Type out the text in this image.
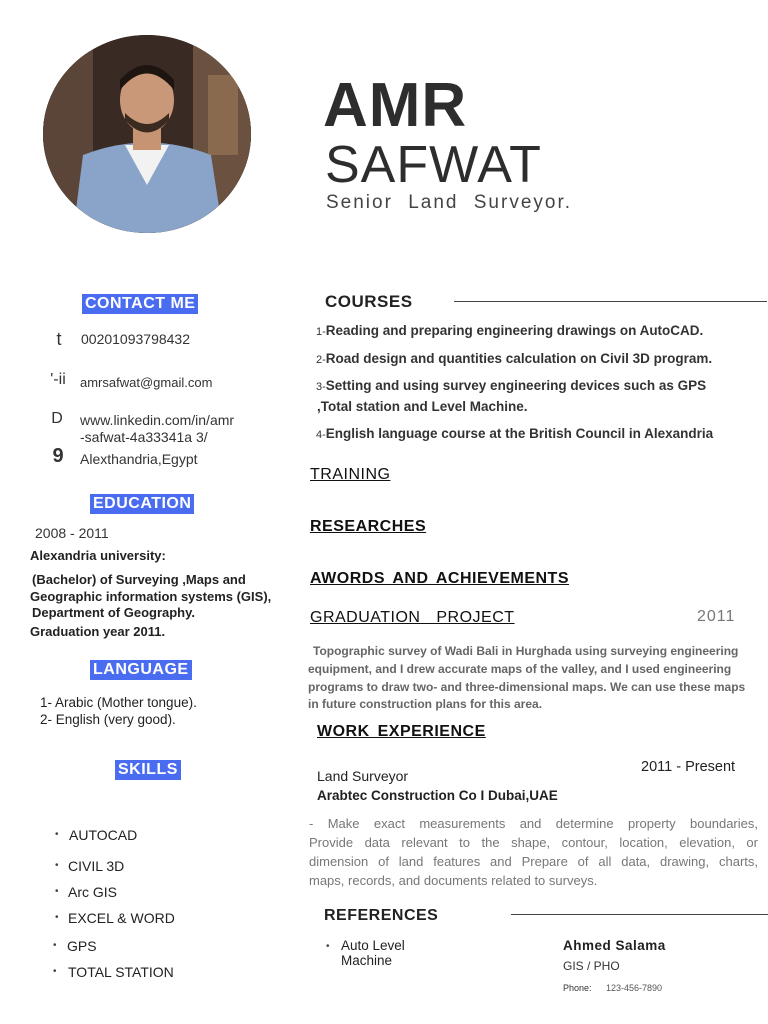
AMR
SAFWAT
Senior Land Surveyor.
CONTACT ME
t	00201093798432
'-ii amrsafwat@gmail.com
D	www.linkedin.com/in/amr
-safwat-4a33341a 3/
9	Alexthandria,Egypt
EDUCATION
2008 - 2011
Alexandria university:
(Bachelor) of Surveying ,Maps and
Geographic information systems (GIS),
Department of Geography.
Graduation year 2011.
LANGUAGE
1- Arabic (Mother tongue).
2- English (very good).
SKILLS
• AUTOCAD
• CIVIL 3D
• Arc GIS
• EXCEL & WORD
• GPS
• TOTAL STATION
COURSES
1-Reading and preparing engineering drawings on AutoCAD.
2-Road design and quantities calculation on Civil 3D program.
3-Setting and using survey engineering devices such as GPS
,Total station and Level Machine.
4-English language course at the British Council in Alexandria
TRAINING
RESEARCHES
AWORDS AND ACHIEVEMENTS
GRADUATION  PROJECT	2011
Topographic survey of Wadi Bali in Hurghada using surveying engineering
equipment, and I drew accurate maps of the valley, and I used engineering
programs to draw two- and three-dimensional maps. We can use these maps
in future construction plans for this area.
WORK EXPERIENCE
2011 - Present
Land Surveyor
Arabtec Construction Co I Dubai,UAE
- Make exact measurements and determine property boundaries,
Provide data relevant to the shape, contour, location, elevation, or
dimension of land features and Prepare of all data, drawing, charts,
maps, records, and documents related to surveys.
REFERENCES
• Auto Level
Machine
Ahmed Salama
GIS / PHO
Phone: 123-456-7890
